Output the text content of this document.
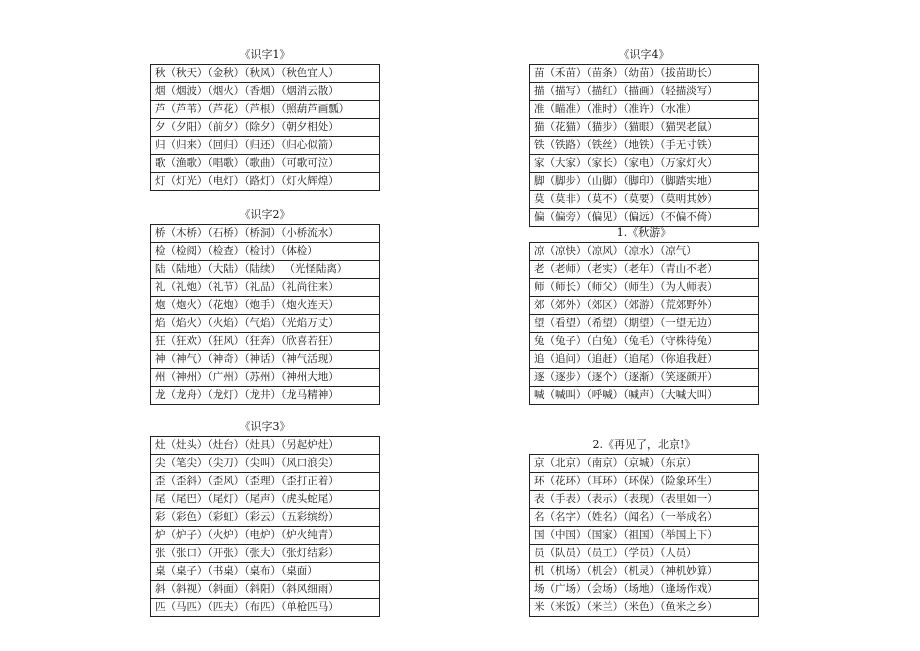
《识字1》
秋（秋天）（金秋）（秋风）（秋色宜人）
烟（烟波）（烟火）（香烟）（烟消云散）
芦（芦苇）（芦花）（芦根）（照葫芦画瓢）
夕（夕阳）（前夕）（除夕）（朝夕相处）
归（归来）（回归）（归还）（归心似箭）
歌（渔歌）（唱歌）（歌曲）（可歌可泣）
灯（灯光）（电灯）（路灯）（灯火辉煌）
《识字2》
桥（木桥）（石桥）（桥洞）（小桥流水）
检（检阅）（检查）（检讨）（体检）
陆（陆地）（大陆）（陆续） （光怪陆离）
礼（礼炮）（礼节）（礼品）（礼尚往来）
炮（炮火）（花炮）（炮手）（炮火连天）
焰（焰火）（火焰）（气焰）（光焰万丈）
狂（狂欢）（狂风）（狂奔）（欣喜若狂）
神（神气）（神奇）（神话）（神气活现）
州（神州）（广州）（苏州）（神州大地）
龙（龙舟）（龙灯）（龙井）（龙马精神）
《识字3》
灶（灶头）（灶台）（灶具）（另起炉灶）
尖（笔尖）（尖刀）（尖叫）（风口浪尖）
歪（歪斜）（歪风）（歪理）（歪打正着）
尾（尾巴）（尾灯）（尾声）（虎头蛇尾）
彩（彩色）（彩虹）（彩云）（五彩缤纷）
炉（炉子）（火炉）（电炉）（炉火纯青）
张（张口）（开张）（张大）（张灯结彩）
桌（桌子）（书桌）（桌布）（桌面）
斜（斜视）（斜面）（斜阳）（斜风细雨）
匹（马匹）（匹夫）（布匹）（单枪匹马）
《识字4》
苗（禾苗）（苗条）（幼苗）（拔苗助长）
描（描写）（描红）（描画）（轻描淡写）
准（瞄准）（准时）（准许）（水准）
猫（花猫）（猫步）（猫眼）（猫哭老鼠）
铁（铁路）（铁丝）（地铁）（手无寸铁）
家（大家）（家长）（家电）（万家灯火）
脚（脚步）（山脚）（脚印）（脚踏实地）
莫（莫非）（莫不）（莫要）（莫明其妙）
偏（偏旁）（偏见）（偏远）（不偏不倚）
1.《秋游》
凉（凉快）（凉风）（凉水）（凉气）
老（老师）（老实）（老年）（青山不老）
师（师长）（师父）（师生）（为人师表）
郊（郊外）（郊区）（郊游）（荒郊野外）
望（看望）（希望）（期望）（一望无边）
兔（兔子）（白兔）（兔毛）（守株待兔）
追（追问）（追赶）（追尾）（你追我赶）
逐（逐步）（逐个）（逐渐）（笑逐颜开）
喊（喊叫）（呼喊）（喊声）（大喊大叫）
2.《再见了，北京!》
京（北京）（南京）（京城）（东京）
环（花环）（耳环）（环保）（险象环生）
表（手表）（表示）（表现）（表里如一）
名（名字）（姓名）（闻名）（一举成名）
国（中国）（国家）（祖国）（举国上下）
员（队员）（员工）（学员）（人员）
机（机场）（机会）（机灵）（神机妙算）
场（广场）（会场）（场地）（逢场作戏）
米（米饭）（米兰）（米色）（鱼米之乡）
